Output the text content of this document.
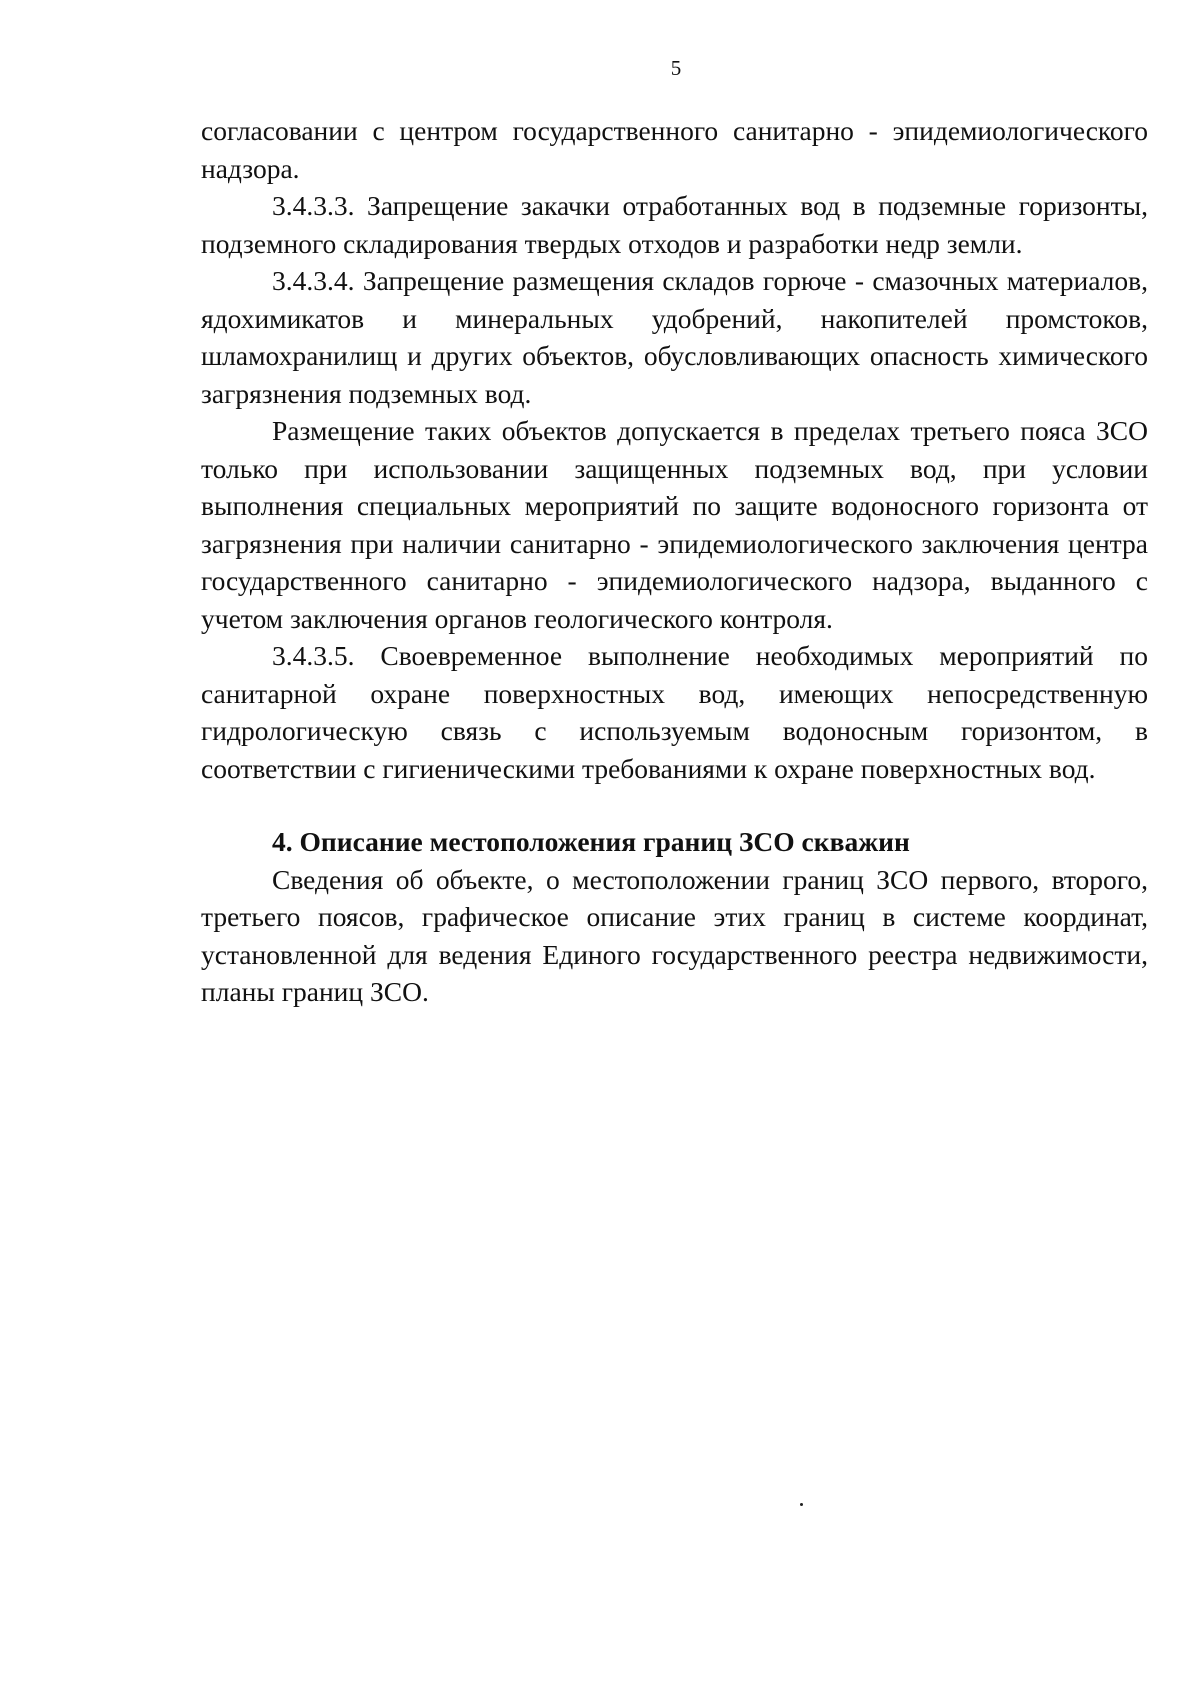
5

согласовании с центром государственного санитарно - эпидемиологического надзора.

3.4.3.3. Запрещение закачки отработанных вод в подземные горизонты, подземного складирования твердых отходов и разработки недр земли.

3.4.3.4. Запрещение размещения складов горюче - смазочных материалов, ядохимикатов и минеральных удобрений, накопителей промстоков, шламохранилищ и других объектов, обусловливающих опасность химического загрязнения подземных вод.

Размещение таких объектов допускается в пределах третьего пояса ЗСО только при использовании защищенных подземных вод, при условии выполнения специальных мероприятий по защите водоносного горизонта от загрязнения при наличии санитарно - эпидемиологического заключения центра государственного санитарно - эпидемиологического надзора, выданного с учетом заключения органов геологического контроля.

3.4.3.5. Своевременное выполнение необходимых мероприятий по санитарной охране поверхностных вод, имеющих непосредственную гидрологическую связь с используемым водоносным горизонтом, в соответствии с гигиеническими требованиями к охране поверхностных вод.

4. Описание местоположения границ ЗСО скважин

Сведения об объекте, о местоположении границ ЗСО первого, второго, третьего поясов, графическое описание этих границ в системе координат, установленной для ведения Единого государственного реестра недвижимости, планы границ ЗСО.
